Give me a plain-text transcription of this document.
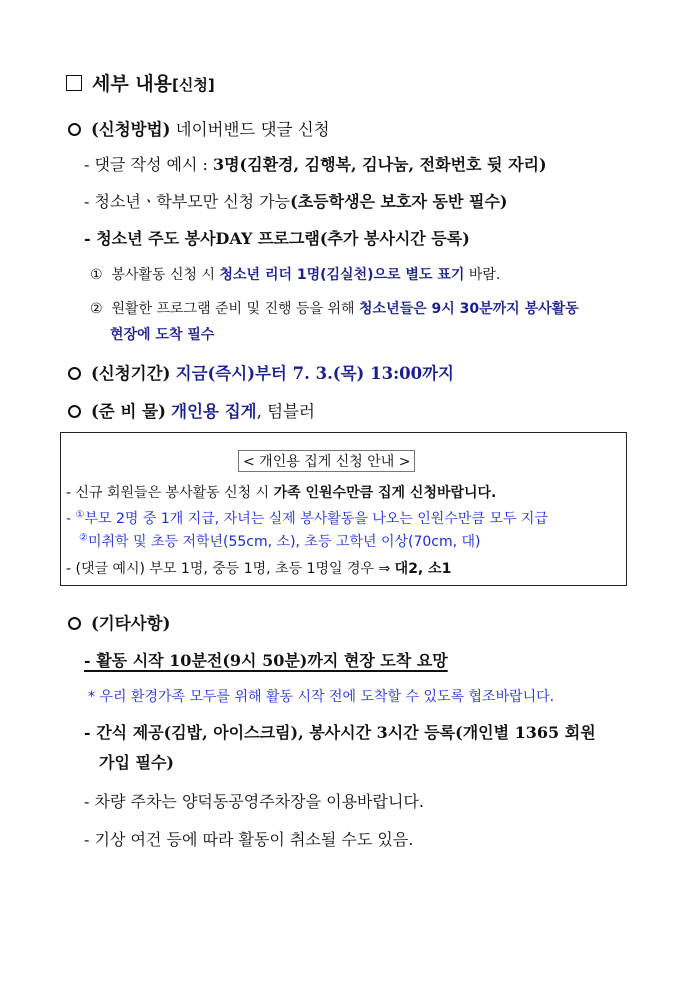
세부 내용[신청]
(신청방법) 네이버밴드 댓글 신청
- 댓글 작성 예시 : 3명(김환경, 김행복, 김나눔, 전화번호 뒷 자리)
- 청소년ㆍ학부모만 신청 가능(초등학생은 보호자 동반 필수)
- 청소년 주도 봉사DAY 프로그램(추가 봉사시간 등록)
① 봉사활동 신청 시 청소년 리더 1명(김실천)으로 별도 표기 바람.
② 원활한 프로그램 준비 및 진행 등을 위해 청소년들은 9시 30분까지 봉사활동
현장에 도착 필수
(신청기간) 지금(즉시)부터 7. 3.(목) 13:00까지
(준 비 물) 개인용 집게, 텀블러
< 개인용 집게 신청 안내 >
- 신규 회원들은 봉사활동 신청 시 가족 인원수만큼 집게 신청바랍니다.
- ①부모 2명 중 1개 지급, 자녀는 실제 봉사활동을 나오는 인원수만큼 모두 지급
②미취학 및 초등 저학년(55cm, 소), 초등 고학년 이상(70cm, 대)
- (댓글 예시) 부모 1명, 중등 1명, 초등 1명일 경우 ⇒ 대2, 소1
(기타사항)
- 활동 시작 10분전(9시 50분)까지 현장 도착 요망
* 우리 환경가족 모두를 위해 활동 시작 전에 도착할 수 있도록 협조바랍니다.
- 간식 제공(김밥, 아이스크림), 봉사시간 3시간 등록(개인별 1365 회원
가입 필수)
- 차량 주차는 양덕동공영주차장을 이용바랍니다.
- 기상 여건 등에 따라 활동이 취소될 수도 있음.
